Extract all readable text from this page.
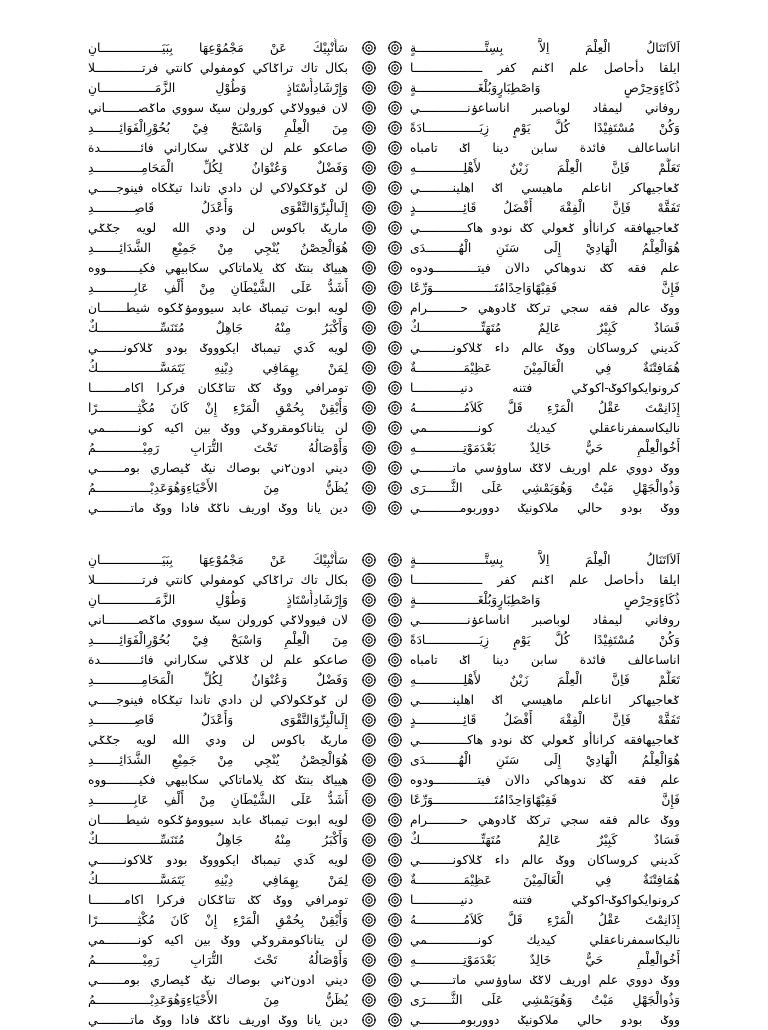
اَلاَاتَنَالُ الْعِلْمَ اِلاَّ بِسِتَّـــــــــــــــــــةٍ
ايلقا دأحاصل علم اݢنم كفر ـــــــــــــــــــا
ذُكَاءٍوَحِرْصٍ وَاصْطِبَارٍوَبُلْغَـــــــــــــــــةٍ
روفاني ليمڤاد لوباصبر اناساعۏنـــــــــــــي
وَكُنْ مُسْتَفِيْدًا كُلَّ يَوْمٍ زِيَـــــــــــــــادَةً
اناساعالف فائدة سابن دينا اݢ تامباه
تَعَلَّمْ فَاِنَّ الْعِلْمَ زَيْنٌ لأَهْلِـــــــــــــهِ
ݢعاجيهاكر اناعلم ماهيسي اݢ اهلينـــــــــي
تَفَقَّهْ فَاِنَّ الْفِقْهَ أَفْضَلُ قَائِـــــــــــــدٍ
ݢعاجيهافقه كراناأو ݢعولي كݢ نودو هاكـــــــــــــي
هُوَالْعِلْمُ الْهَادِيْ إِلَى سَنَنِ الْهُـــــــــدَى
علم فقه كݢ ندوهاكي دالان فيتــــــــــــودوه
فَإِنَّ فَقِيْهًاوَاحِدًامُتَـــــــــــــــــوَرِّعًا
ووݢ عالم فقه سجي تركݢ ݢادوهي حـــــــــرام
فَسَادٌ كَبِيْرٌ عَالِمٌ مُتَهَتِّـــــــــــــــــكٌ
كَديني كروساكان ووݢ عالم داء ݢلاكونـــــــــي
هُمَافِتْنَةٌ فِي الْعَالَمِيْنَ عَظِيْمَـــــــــــــةٌ
كرونوايكواكوݢ-اكوݢي فتنه دنيـــــــــــــا
إِذَانِمْتَ عَقْلُ الْمَرْءِ قَلَّ كَلاَمُـــــــــــــهُ
ناليكاسمفرناعقلي كيديك كونــــــــــــــمي
أَخُوالْعِلْمِ حَيٌّ خَالِدٌ بَعْدَمَوْتِـــــــــــــهِ
ووݢ دووي علم اوريف لاݢݢ ساوۏسي ماتـــــــــي
وَذُوالْجَهْلِ مَيْتٌ وَهُوَيَمْشِي عَلَى الثَّـــــــرَى
ووݢ بودو حالي ملاكونيݢ دووربومـــــــــــي
سَأُنْبِيْكَ عَنْ مَجْمُوْعِهَا بِبَيَـــــــــــــــــانِ
بكال تاك تراݢاكي كومفولي كانتي فرتـــــــــــــلا
وَإِرْشَادِأُسْتَاذٍ وَطُوْلِ الزَّمَـــــــــــــــانِ
لان فيوولاݢي كورولن سيݢ سووي ماݢصـــــــــاني
مِنَ الْعِلْمِ وَاسْبَحْ فِيْ بُحُوْرِالْفَوَائِـــــــدِ
صاعكو علم لن ݢلاݢي سكاراني فائـــــــــــدة
وَفَضْلٌ وَعُنْوَانٌ لِكُلِّ الْمَحَامِـــــــــــــدِ
لن ݢوݢكولاكي لن دادي تاندا تيݢكاه فينوجـــــي
إِلَىالْبِرِّوَالتَّقْوَى وَأَعْدَلُ قَاصِـــــــــــدِ
ماريݢ باكوس لن ودي الله لويه جݢݢي
هُوَالْحِصْنُ يُنْجِي مِنْ جَمِيْعِ الشَّدَائِـــــــدِ
هيياݢ بنتݢ كݢ يلاماتاكي سكابيهي فكيـــــــــووه
أَشَدُّ عَلَى الشَّيْطَانِ مِنْ أَلْفِ عَابِـــــــــــدِ
لويه ابوت تيمباݢ عابد سيوومۏݢكوه شيطـــــــان
وَأَكْبَرُ مِنْهُ جَاهِلٌ مُتَنَسِّـــــــــــــــــكٌ
لويه كَدي تيمباݢ ايكوووݢ بودو ݢلاكونـــــــي
لِمَنْ بِهِمَافِي دِيْنِهِ يَتَمَسَّـــــــــــــــــكُ
تومرافي ووݢ كݢ تتاݢكان فركرا اكامـــــــــا
وَأَيْقِنْ بِحُمْقِ الْمَرْءِ إِنْ كَانَ مُكْثِـــــــــــرًا
لن يتاناكومقروݢي ووݢ بين اكيه كونـــــــــمي
وَأَوْصَالُهُ تَحْتَ التُّرَابِ رَمِيْـــــــــــــمُ
ديني ادون٢ني بوصاك نيݢ ݢيصاري بومـــــــي
يُظَنُّ مِنَ الأَحْيَاءِوَهُوَعَدِيْـــــــــــــــمُ
دين يانا ووݢ اوريف ناݢݢ فادا ووݢ ماتـــــــــي
اَلاَاتَنَالُ الْعِلْمَ اِلاَّ بِسِتَّـــــــــــــــــــةٍ
ايلقا دأحاصل علم اݢنم كفر ـــــــــــــــــــا
ذُكَاءٍوَحِرْصٍ وَاصْطِبَارٍوَبُلْغَـــــــــــــــــةٍ
روفاني ليمڤاد لوباصبر اناساعۏنـــــــــــــي
وَكُنْ مُسْتَفِيْدًا كُلَّ يَوْمٍ زِيَـــــــــــــــادَةً
اناساعالف فائدة سابن دينا اݢ تامباه
تَعَلَّمْ فَاِنَّ الْعِلْمَ زَيْنٌ لأَهْلِـــــــــــــهِ
ݢعاجيهاكر اناعلم ماهيسي اݢ اهلينـــــــــي
تَفَقَّهْ فَاِنَّ الْفِقْهَ أَفْضَلُ قَائِـــــــــــــدٍ
ݢعاجيهافقه كراناأو ݢعولي كݢ نودو هاكـــــــــــــي
هُوَالْعِلْمُ الْهَادِيْ إِلَى سَنَنِ الْهُـــــــــدَى
علم فقه كݢ ندوهاكي دالان فيتــــــــــــودوه
فَإِنَّ فَقِيْهًاوَاحِدًامُتَـــــــــــــــــوَرِّعًا
ووݢ عالم فقه سجي تركݢ ݢادوهي حـــــــــرام
فَسَادٌ كَبِيْرٌ عَالِمٌ مُتَهَتِّـــــــــــــــــكٌ
كَديني كروساكان ووݢ عالم داء ݢلاكونـــــــــي
هُمَافِتْنَةٌ فِي الْعَالَمِيْنَ عَظِيْمَـــــــــــــةٌ
كرونوايكواكوݢ-اكوݢي فتنه دنيـــــــــــــا
إِذَانِمْتَ عَقْلُ الْمَرْءِ قَلَّ كَلاَمُـــــــــــــهُ
ناليكاسمفرناعقلي كيديك كونــــــــــــــمي
أَخُوالْعِلْمِ حَيٌّ خَالِدٌ بَعْدَمَوْتِـــــــــــــهِ
ووݢ دووي علم اوريف لاݢݢ ساوۏسي ماتـــــــــي
وَذُوالْجَهْلِ مَيْتٌ وَهُوَيَمْشِي عَلَى الثَّـــــــرَى
ووݢ بودو حالي ملاكونيݢ دووربومـــــــــــي
سَأُنْبِيْكَ عَنْ مَجْمُوْعِهَا بِبَيَـــــــــــــــــانِ
بكال تاك تراݢاكي كومفولي كانتي فرتـــــــــــــلا
وَإِرْشَادِأُسْتَاذٍ وَطُوْلِ الزَّمَـــــــــــــــانِ
لان فيوولاݢي كورولن سيݢ سووي ماݢصـــــــــاني
مِنَ الْعِلْمِ وَاسْبَحْ فِيْ بُحُوْرِالْفَوَائِـــــــدِ
صاعكو علم لن ݢلاݢي سكاراني فائـــــــــــدة
وَفَضْلٌ وَعُنْوَانٌ لِكُلِّ الْمَحَامِـــــــــــــدِ
لن ݢوݢكولاكي لن دادي تاندا تيݢكاه فينوجـــــي
إِلَىالْبِرِّوَالتَّقْوَى وَأَعْدَلُ قَاصِـــــــــــدِ
ماريݢ باكوس لن ودي الله لويه جݢݢي
هُوَالْحِصْنُ يُنْجِي مِنْ جَمِيْعِ الشَّدَائِـــــــدِ
هيياݢ بنتݢ كݢ يلاماتاكي سكابيهي فكيـــــــــووه
أَشَدُّ عَلَى الشَّيْطَانِ مِنْ أَلْفِ عَابِـــــــــــدِ
لويه ابوت تيمباݢ عابد سيوومۏݢكوه شيطـــــــان
وَأَكْبَرُ مِنْهُ جَاهِلٌ مُتَنَسِّـــــــــــــــــكٌ
لويه كَدي تيمباݢ ايكوووݢ بودو ݢلاكونـــــــي
لِمَنْ بِهِمَافِي دِيْنِهِ يَتَمَسَّـــــــــــــــــكُ
تومرافي ووݢ كݢ تتاݢكان فركرا اكامـــــــــا
وَأَيْقِنْ بِحُمْقِ الْمَرْءِ إِنْ كَانَ مُكْثِـــــــــــرًا
لن يتاناكومقروݢي ووݢ بين اكيه كونـــــــــمي
وَأَوْصَالُهُ تَحْتَ التُّرَابِ رَمِيْـــــــــــــمُ
ديني ادون٢ني بوصاك نيݢ ݢيصاري بومـــــــي
يُظَنُّ مِنَ الأَحْيَاءِوَهُوَعَدِيْـــــــــــــــمُ
دين يانا ووݢ اوريف ناݢݢ فادا ووݢ ماتـــــــــي
